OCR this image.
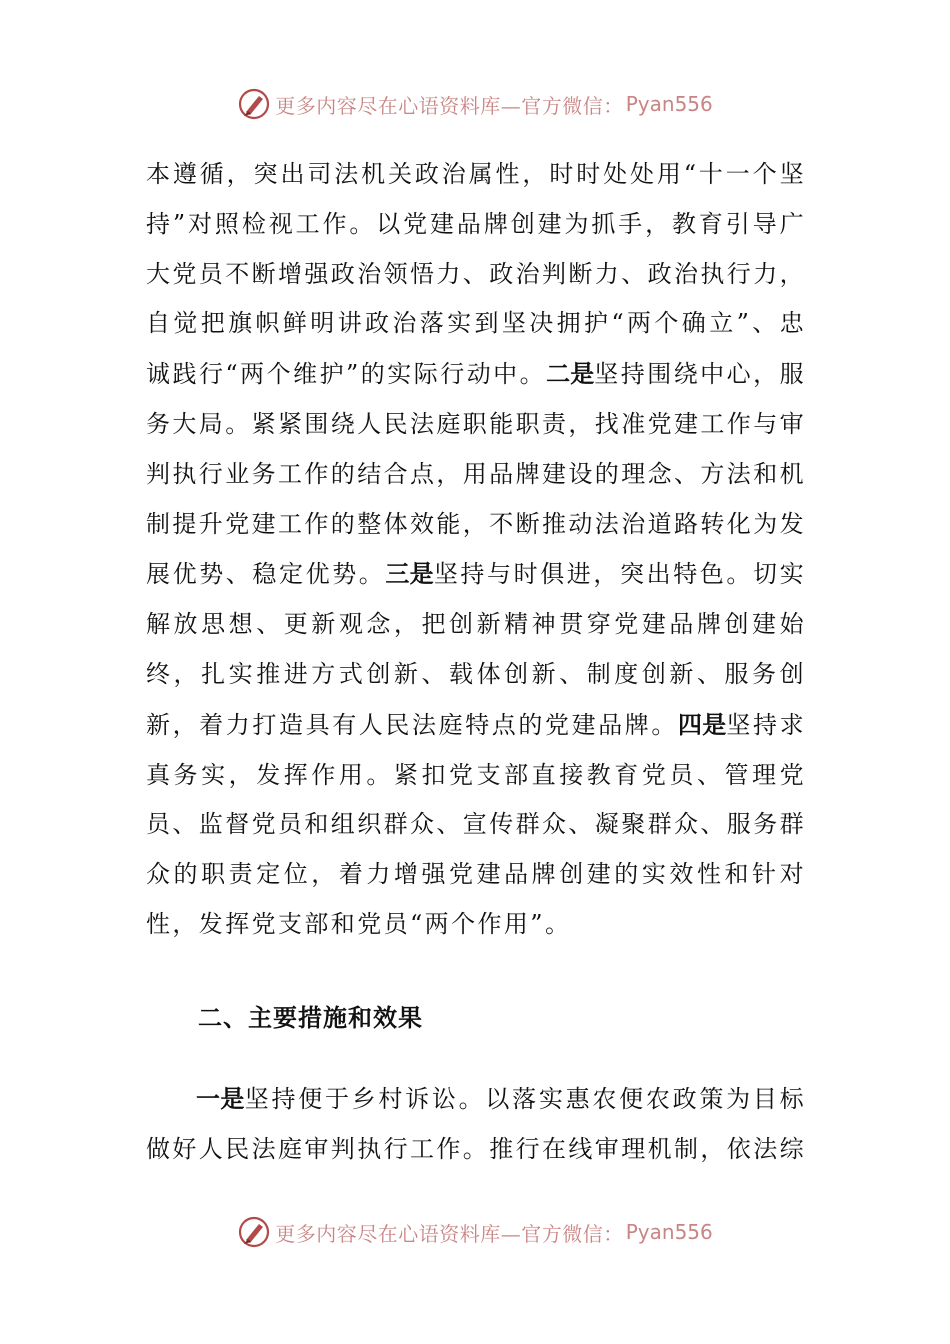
更多内容尽在心语资料库—官方微信： Pyan556

本遵循，突出司法机关政治属性，时时处处用“十一个坚持”对照检视工作。以党建品牌创建为抓手，教育引导广大党员不断增强政治领悟力、政治判断力、政治执行力，自觉把旗帜鲜明讲政治落实到坚决拥护“两个确立”、忠诚践行“两个维护”的实际行动中。二是坚持围绕中心，服务大局。紧紧围绕人民法庭职能职责，找准党建工作与审判执行业务工作的结合点，用品牌建设的理念、方法和机制提升党建工作的整体效能，不断推动法治道路转化为发展优势、稳定优势。三是坚持与时俱进，突出特色。切实解放思想、更新观念，把创新精神贯穿党建品牌创建始终，扎实推进方式创新、载体创新、制度创新、服务创新，着力打造具有人民法庭特点的党建品牌。四是坚持求真务实，发挥作用。紧扣党支部直接教育党员、管理党员、监督党员和组织群众、宣传群众、凝聚群众、服务群众的职责定位，着力增强党建品牌创建的实效性和针对性，发挥党支部和党员“两个作用”。

二、主要措施和效果

一是坚持便于乡村诉讼。以落实惠农便农政策为目标做好人民法庭审判执行工作。推行在线审理机制，依法综

更多内容尽在心语资料库—官方微信： Pyan556
